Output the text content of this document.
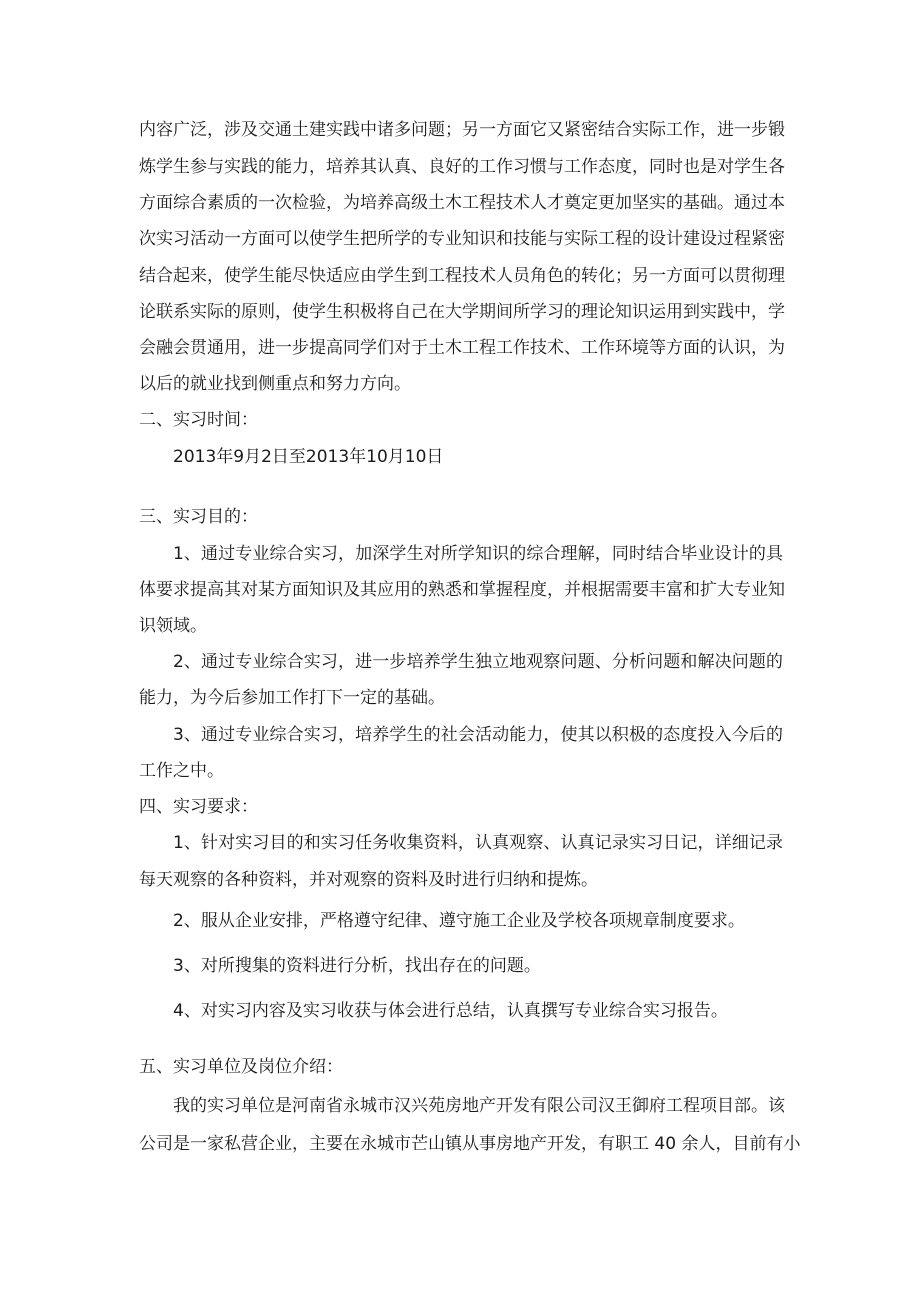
内容广泛，涉及交通土建实践中诸多问题；另一方面它又紧密结合实际工作，进一步锻
炼学生参与实践的能力，培养其认真、良好的工作习惯与工作态度，同时也是对学生各
方面综合素质的一次检验，为培养高级土木工程技术人才奠定更加坚实的基础。通过本
次实习活动一方面可以使学生把所学的专业知识和技能与实际工程的设计建设过程紧密
结合起来，使学生能尽快适应由学生到工程技术人员角色的转化；另一方面可以贯彻理
论联系实际的原则，使学生积极将自己在大学期间所学习的理论知识运用到实践中，学
会融会贯通用，进一步提高同学们对于土木工程工作技术、工作环境等方面的认识，为
以后的就业找到侧重点和努力方向。
二、实习时间：
2013年9月2日至2013年10月10日
三、实习目的：
1、通过专业综合实习，加深学生对所学知识的综合理解，同时结合毕业设计的具
体要求提高其对某方面知识及其应用的熟悉和掌握程度，并根据需要丰富和扩大专业知
识领域。
2、通过专业综合实习，进一步培养学生独立地观察问题、分析问题和解决问题的
能力，为今后参加工作打下一定的基础。
3、通过专业综合实习，培养学生的社会活动能力，使其以积极的态度投入今后的
工作之中。
四、实习要求：
1、针对实习目的和实习任务收集资料，认真观察、认真记录实习日记，详细记录
每天观察的各种资料，并对观察的资料及时进行归纳和提炼。
2、服从企业安排，严格遵守纪律、遵守施工企业及学校各项规章制度要求。
3、对所搜集的资料进行分析，找出存在的问题。
4、对实习内容及实习收获与体会进行总结，认真撰写专业综合实习报告。
五、实习单位及岗位介绍：
我的实习单位是河南省永城市汉兴苑房地产开发有限公司汉王御府工程项目部。该
公司是一家私营企业，主要在永城市芒山镇从事房地产开发，有职工 40 余人，目前有小
